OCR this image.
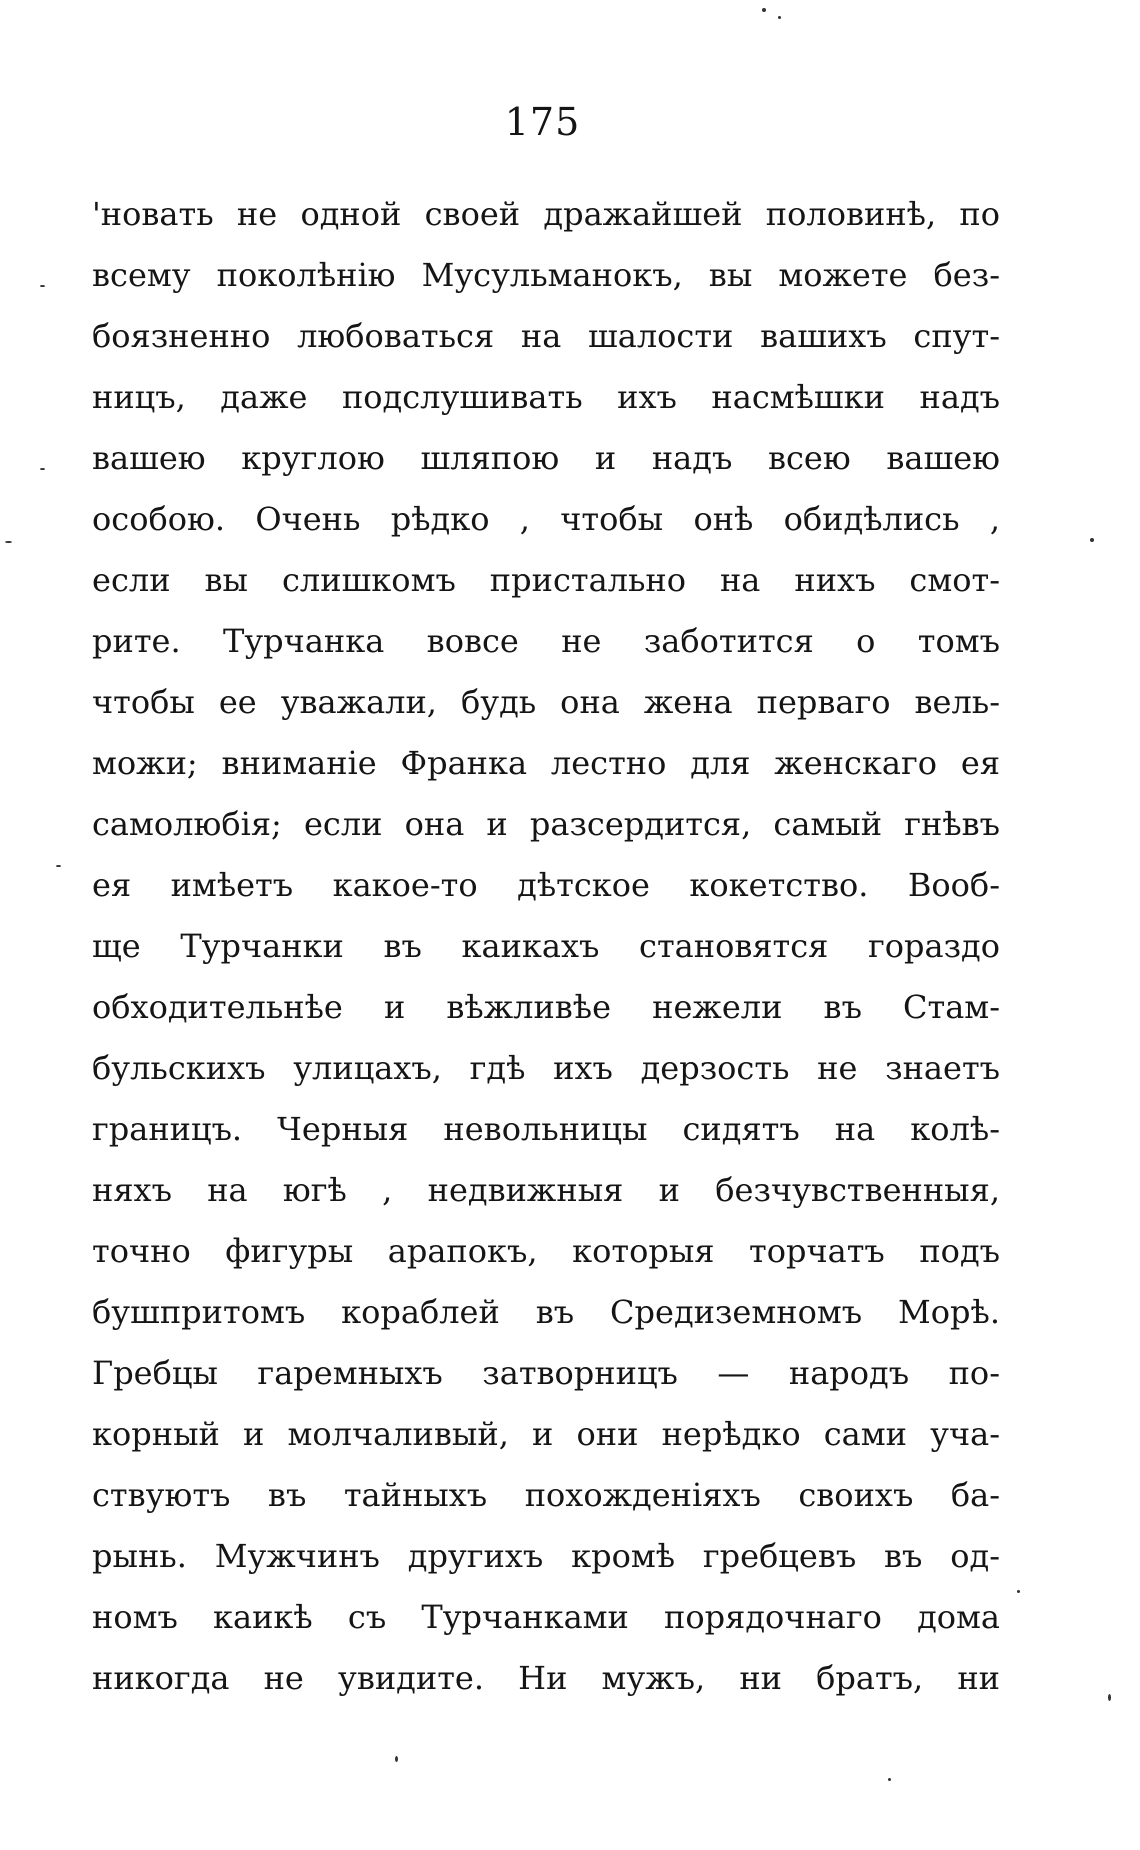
175
'новать не одной своей дражайшей половинѣ, по
всему поколѣнію Мусульманокъ, вы можете без-
боязненно любоваться на шалости вашихъ спут-
ницъ, даже подслушивать ихъ насмѣшки надъ
вашею круглою шляпою и надъ всею вашею
особою. Очень рѣдко , чтобы онѣ обидѣлись ,
если вы слишкомъ пристально на нихъ смот-
рите. Турчанка вовсе не заботится о томъ
чтобы ее уважали, будь она жена перваго вель-
можи; вниманіе Франка лестно для женскаго ея
самолюбія; если она и разсердится, самый гнѣвъ
ея имѣетъ какое-то дѣтское кокетство. Вооб-
ще Турчанки въ каикахъ становятся гораздо
обходительнѣе и вѣжливѣе нежели въ Стам-
бульскихъ улицахъ, гдѣ ихъ дерзость не знаетъ
границъ. Черныя невольницы сидятъ на колѣ-
няхъ на югѣ , недвижныя и безчувственныя,
точно фигуры арапокъ, которыя торчатъ подъ
бушпритомъ кораблей въ Средиземномъ Морѣ.
Гребцы гаремныхъ затворницъ — народъ по-
корный и молчаливый, и они нерѣдко сами уча-
ствуютъ въ тайныхъ похожденіяхъ своихъ ба-
рынь. Мужчинъ другихъ кромѣ гребцевъ въ од-
номъ каикѣ съ Турчанками порядочнаго дома
никогда не увидите. Ни мужъ, ни братъ, ни
